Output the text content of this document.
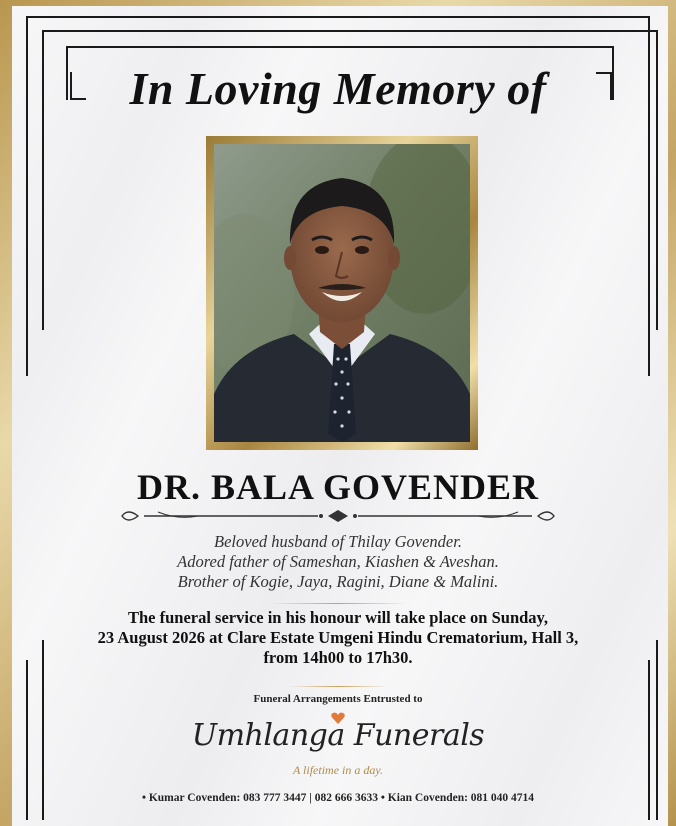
In Loving Memory of
DR. BALA GOVENDER
Beloved husband of Thilay Govender.
Adored father of Sameshan, Kiashen & Aveshan.
Brother of Kogie, Jaya, Ragini, Diane & Malini.
The funeral service in his honour will take place on Sunday,
23 August 2026 at Clare Estate Umgeni Hindu Crematorium, Hall 3,
from 14h00 to 17h30.
Funeral Arrangements Entrusted to
Umhlanga Funerals
A lifetime in a day.
• Kumar Covenden: 083 777 3447 | 082 666 3633 • Kian Covenden: 081 040 4714
